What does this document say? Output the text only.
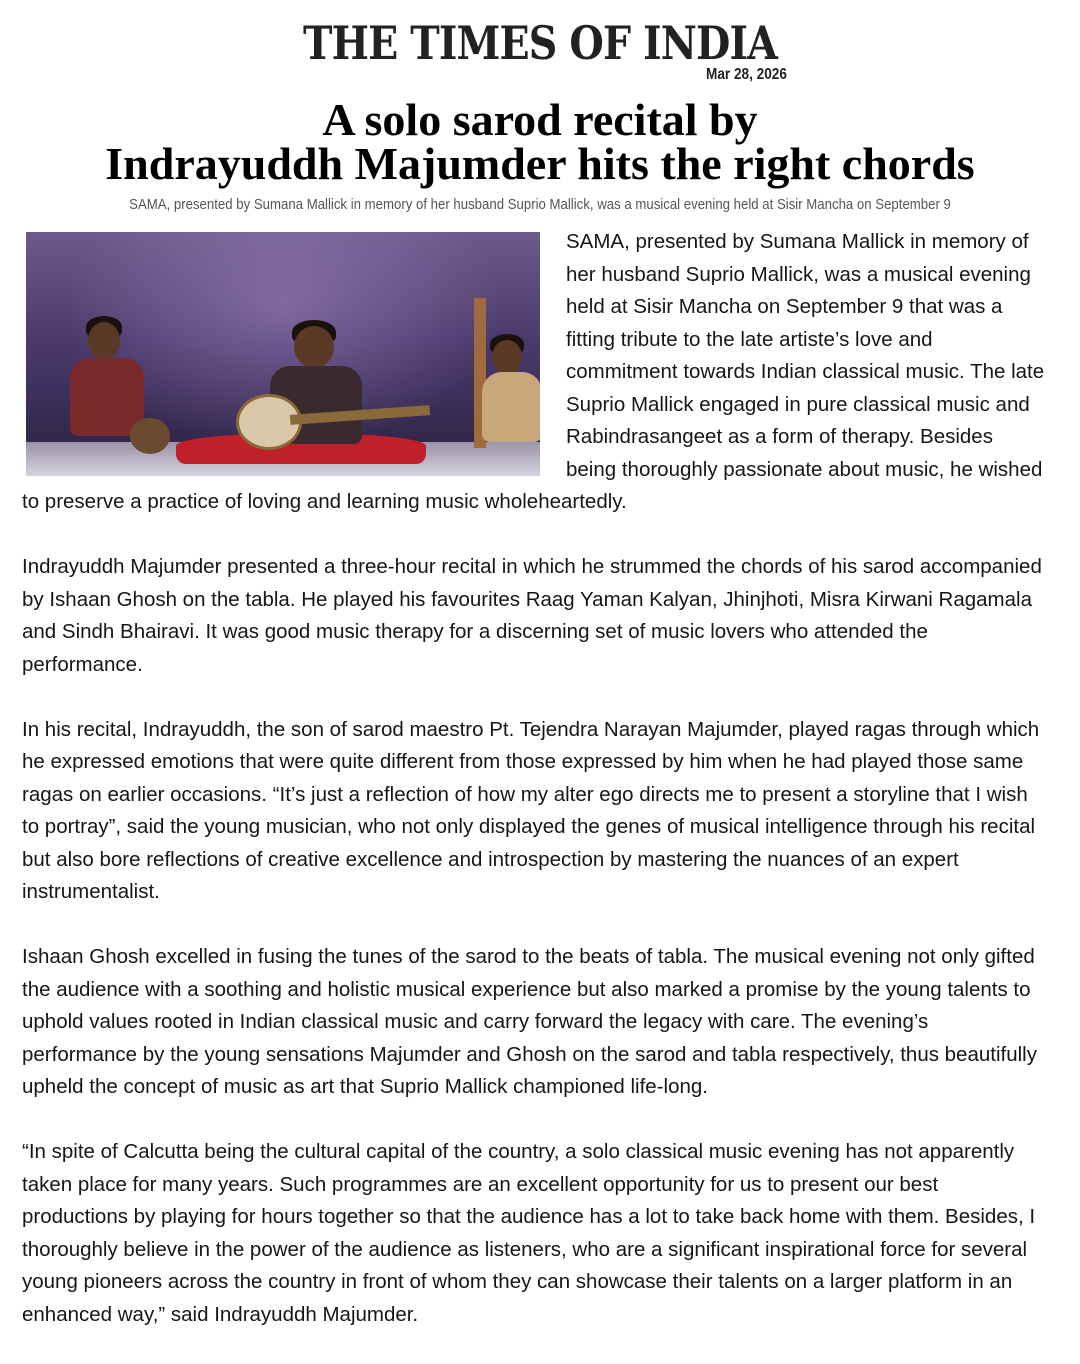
THE TIMES OF INDIA
Mar 28, 2026
A solo sarod recital by
Indrayuddh Majumder hits the right chords
SAMA, presented by Sumana Mallick in memory of her husband Suprio Mallick, was a musical evening held at Sisir Mancha on September 9

SAMA, presented by Sumana Mallick in memory of her husband Suprio Mallick, was a musical evening held at Sisir Mancha on September 9 that was a fitting tribute to the late artiste’s love and commitment towards Indian classical music. The late Suprio Mallick engaged in pure classical music and Rabindrasangeet as a form of therapy. Besides being thoroughly passionate about music, he wished to preserve a practice of loving and learning music wholeheartedly.

Indrayuddh Majumder presented a three-hour recital in which he strummed the chords of his sarod accompanied by Ishaan Ghosh on the tabla. He played his favourites Raag Yaman Kalyan, Jhinjhoti, Misra Kirwani Ragamala and Sindh Bhairavi. It was good music therapy for a discerning set of music lovers who attended the performance.

In his recital, Indrayuddh, the son of sarod maestro Pt. Tejendra Narayan Majumder, played ragas through which he expressed emotions that were quite different from those expressed by him when he had played those same ragas on earlier occasions. “It’s just a reflection of how my alter ego directs me to present a storyline that I wish to portray”, said the young musician, who not only displayed the genes of musical intelligence through his recital but also bore reflections of creative excellence and introspection by mastering the nuances of an expert instrumentalist.

Ishaan Ghosh excelled in fusing the tunes of the sarod to the beats of tabla. The musical evening not only gifted the audience with a soothing and holistic musical experience but also marked a promise by the young talents to uphold values rooted in Indian classical music and carry forward the legacy with care. The evening’s performance by the young sensations Majumder and Ghosh on the sarod and tabla respectively, thus beautifully upheld the concept of music as art that Suprio Mallick championed life-long.

“In spite of Calcutta being the cultural capital of the country, a solo classical music evening has not apparently taken place for many years. Such programmes are an excellent opportunity for us to present our best productions by playing for hours together so that the audience has a lot to take back home with them. Besides, I thoroughly believe in the power of the audience as listeners, who are a significant inspirational force for several young pioneers across the country in front of whom they can showcase their talents on a larger platform in an enhanced way,” said Indrayuddh Majumder.
